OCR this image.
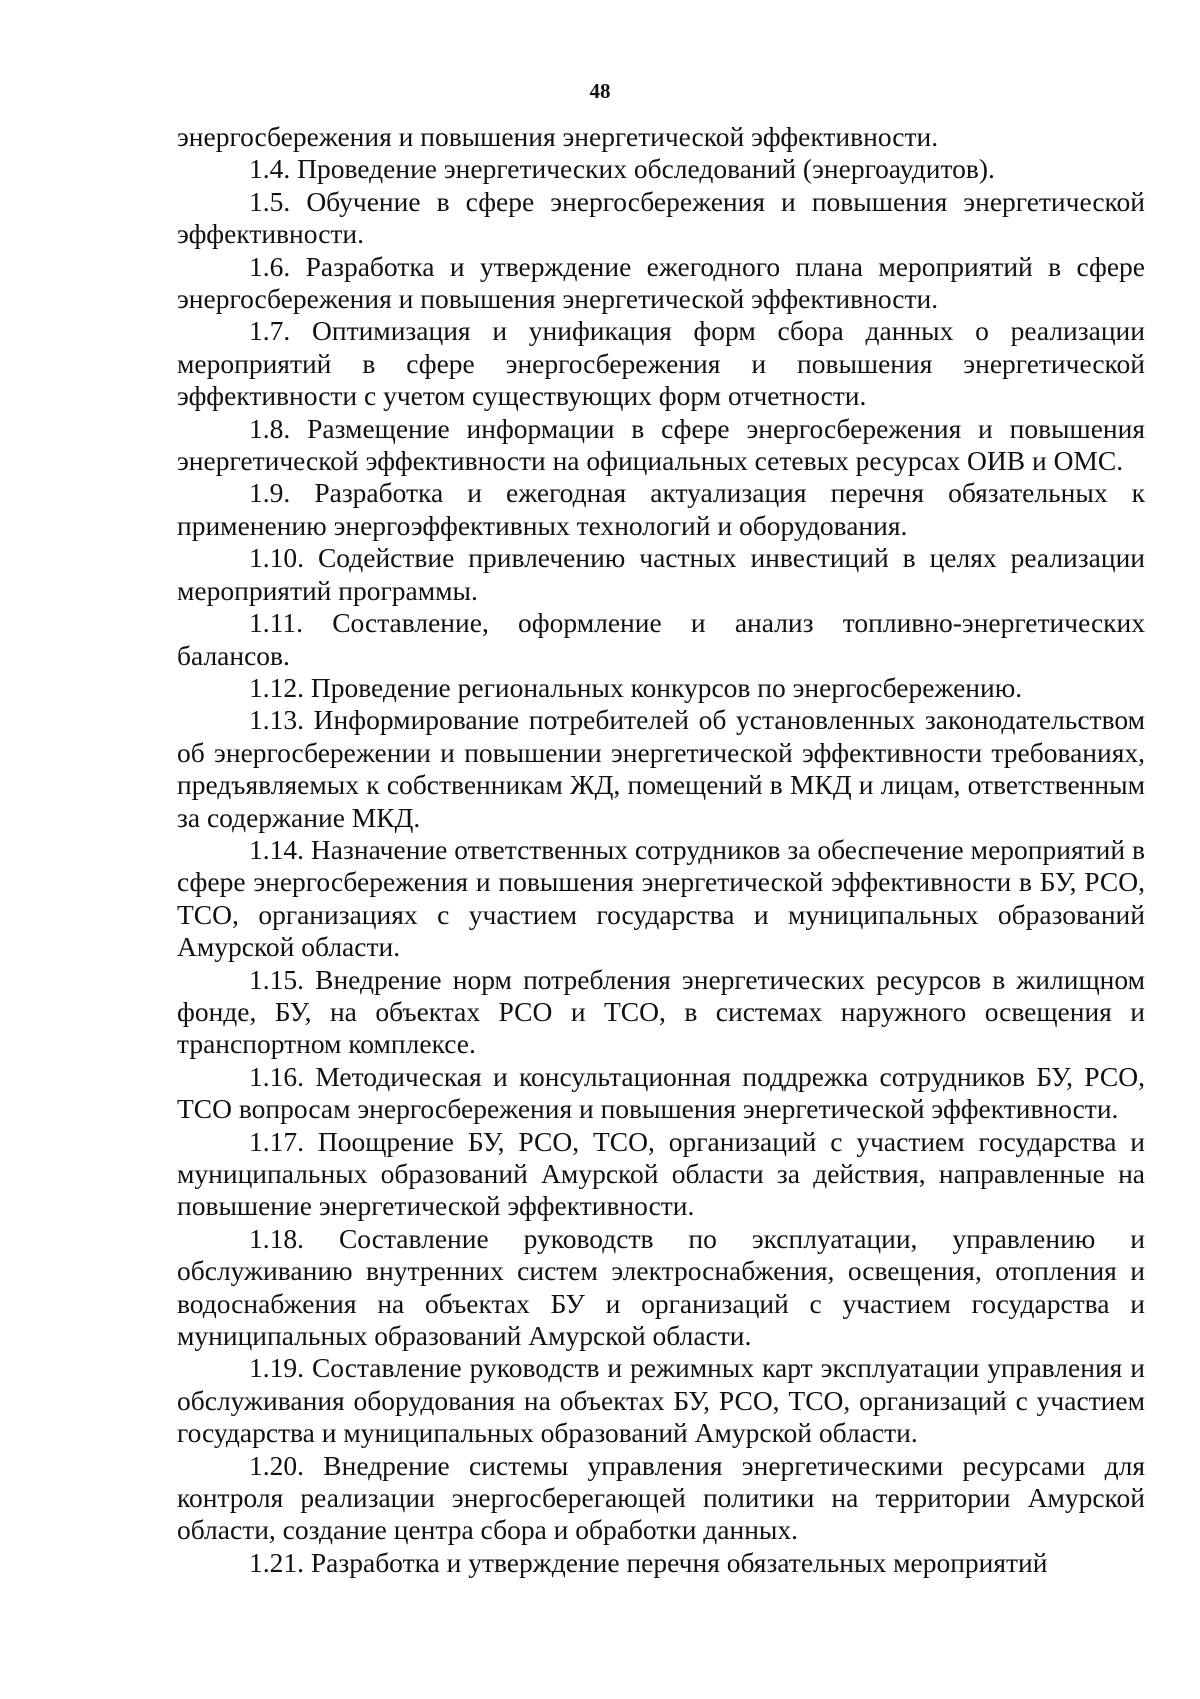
48

энергосбережения и повышения энергетической эффективности.

1.4. Проведение энергетических обследований (энергоаудитов).

1.5. Обучение в сфере энергосбережения и повышения энергетической эффективности.

1.6. Разработка и утверждение ежегодного плана мероприятий в сфере энергосбережения и повышения энергетической эффективности.

1.7. Оптимизация и унификация форм сбора данных о реализации мероприятий в сфере энергосбережения и повышения энергетической эффективности с учетом существующих форм отчетности.

1.8. Размещение информации в сфере энергосбережения и повышения энергетической эффективности на официальных сетевых ресурсах ОИВ и ОМС.

1.9. Разработка и ежегодная актуализация перечня обязательных к применению энергоэффективных технологий и оборудования.

1.10. Содействие привлечению частных инвестиций в целях реализации мероприятий программы.

1.11. Составление, оформление и анализ топливно-энергетических балансов.

1.12. Проведение региональных конкурсов по энергосбережению.

1.13. Информирование потребителей об установленных законодательством об энергосбережении и повышении энергетической эффективности требованиях, предъявляемых к собственникам ЖД, помещений в МКД и лицам, ответственным за содержание МКД.

1.14. Назначение ответственных сотрудников за обеспечение мероприятий в сфере энергосбережения и повышения энергетической эффективности в БУ, РСО, ТСО, организациях с участием государства и муниципальных образований Амурской области.

1.15. Внедрение норм потребления энергетических ресурсов в жилищном фонде, БУ, на объектах РСО и ТСО, в системах наружного освещения и транспортном комплексе.

1.16. Методическая и консультационная поддрежка сотрудников БУ, РСО, ТСО вопросам энергосбережения и повышения энергетической эффективности.

1.17. Поощрение БУ, РСО, ТСО, организаций с участием государства и муниципальных образований Амурской области за действия, направленные на повышение энергетической эффективности.

1.18. Составление руководств по эксплуатации, управлению и обслуживанию внутренних систем электроснабжения, освещения, отопления и водоснабжения на объектах БУ и организаций с участием государства и муниципальных образований Амурской области.

1.19. Составление руководств и режимных карт эксплуатации управления и обслуживания оборудования на объектах БУ, РСО, ТСО, организаций с участием государства и муниципальных образований Амурской области.

1.20. Внедрение системы управления энергетическими ресурсами для контроля реализации энергосберегающей политики на территории Амурской области, создание центра сбора и обработки данных.

1.21. Разработка и утверждение перечня обязательных мероприятий
